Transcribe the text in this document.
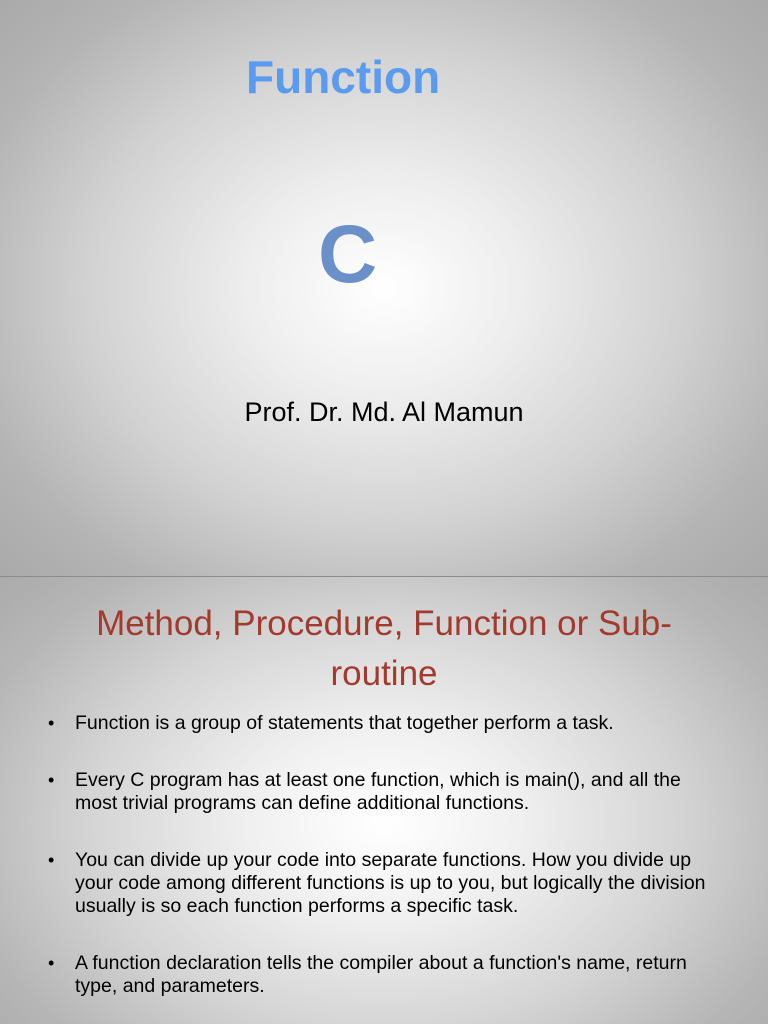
Function
C
Prof. Dr. Md. Al Mamun
Method, Procedure, Function or Sub-routine
• Function is a group of statements that together perform a task.
• Every C program has at least one function, which is main(), and all the most trivial programs can define additional functions.
• You can divide up your code into separate functions. How you divide up your code among different functions is up to you, but logically the division usually is so each function performs a specific task.
• A function declaration tells the compiler about a function's name, return type, and parameters.
